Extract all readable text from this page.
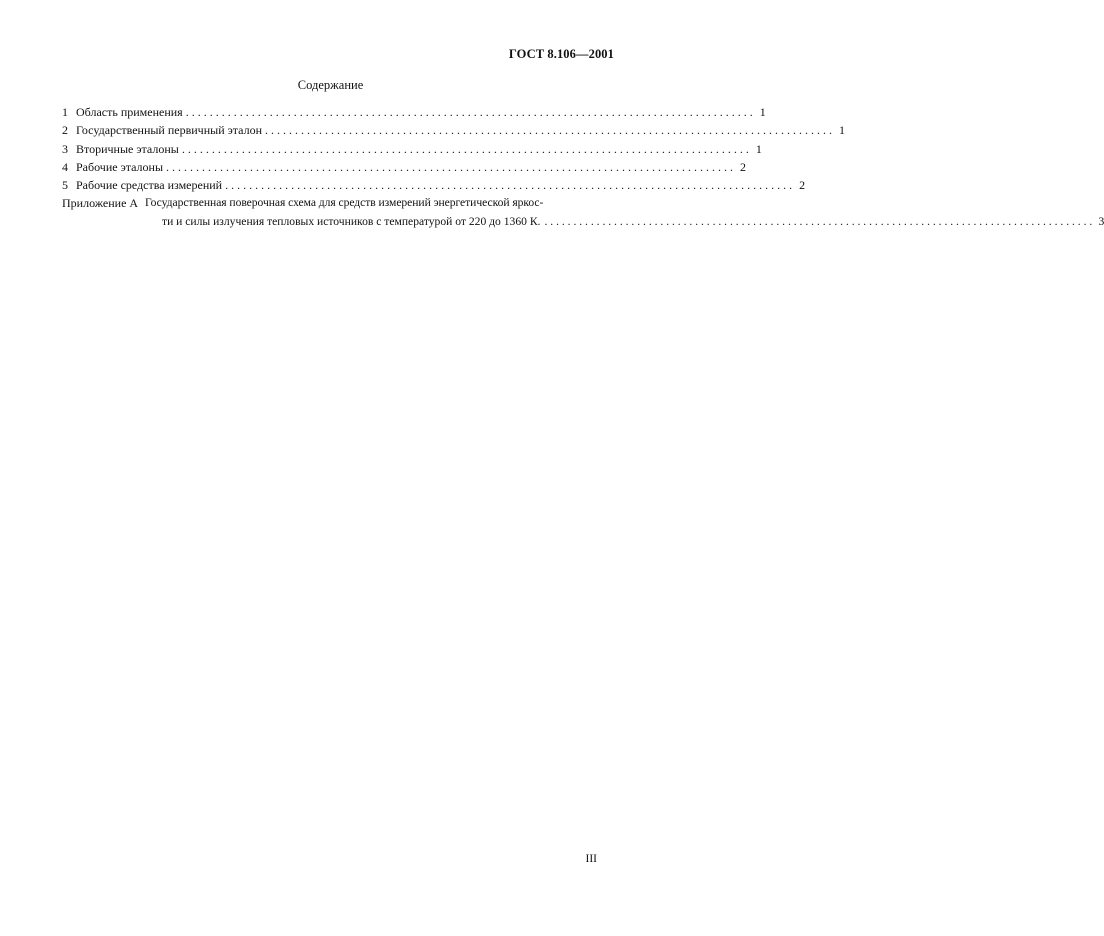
ГОСТ 8.106—2001
Содержание
1 Область применения . . .	1
2 Государственный первичный эталон . . .	1
3 Вторичные эталоны . . .	1
4 Рабочие эталоны . . .	2
5 Рабочие средства измерений . . .	2
Приложение А Государственная поверочная схема для средств измерений энергетической яркос-
ти и силы излучения тепловых источников с температурой от 220 до 1360 К. . . .	3
III
